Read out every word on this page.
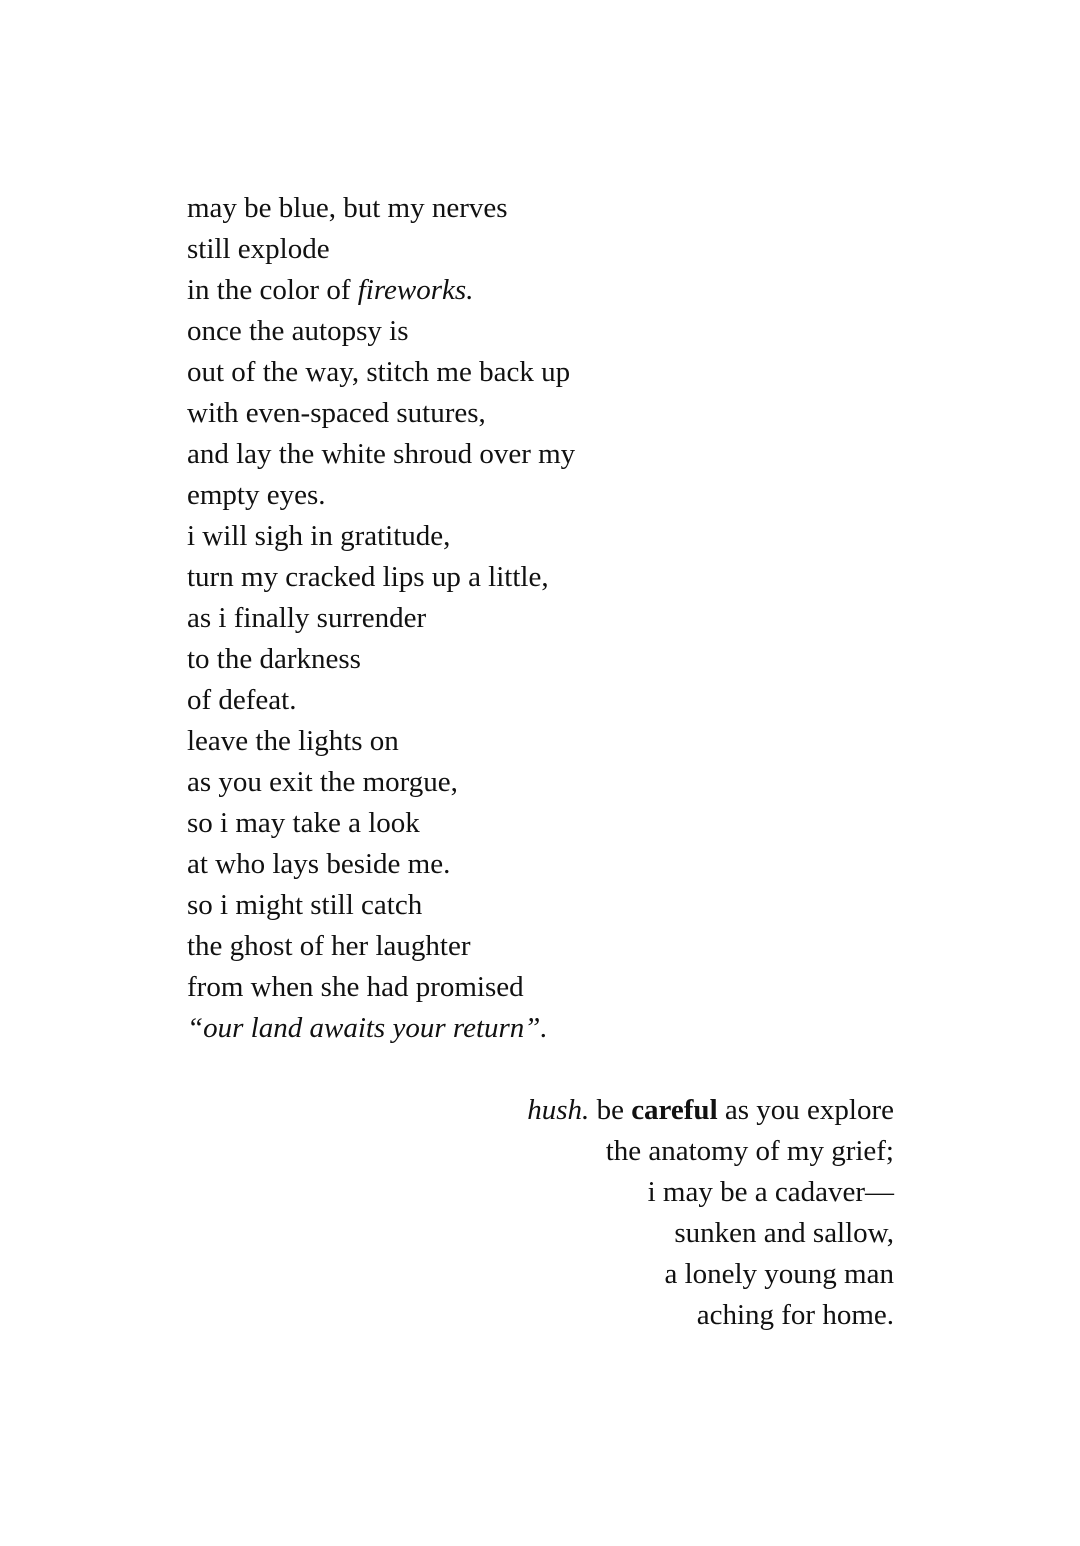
may be blue, but my nerves
still explode
in the color of fireworks.
once the autopsy is
out of the way, stitch me back up
with even-spaced sutures,
and lay the white shroud over my
empty eyes.
i will sigh in gratitude,
turn my cracked lips up a little,
as i finally surrender
to the darkness
of defeat.
leave the lights on
as you exit the morgue,
so i may take a look
at who lays beside me.
so i might still catch
the ghost of her laughter
from when she had promised
“our land awaits your return”.
hush. be careful as you explore
the anatomy of my grief;
i may be a cadaver—
sunken and sallow,
a lonely young man
aching for home.
